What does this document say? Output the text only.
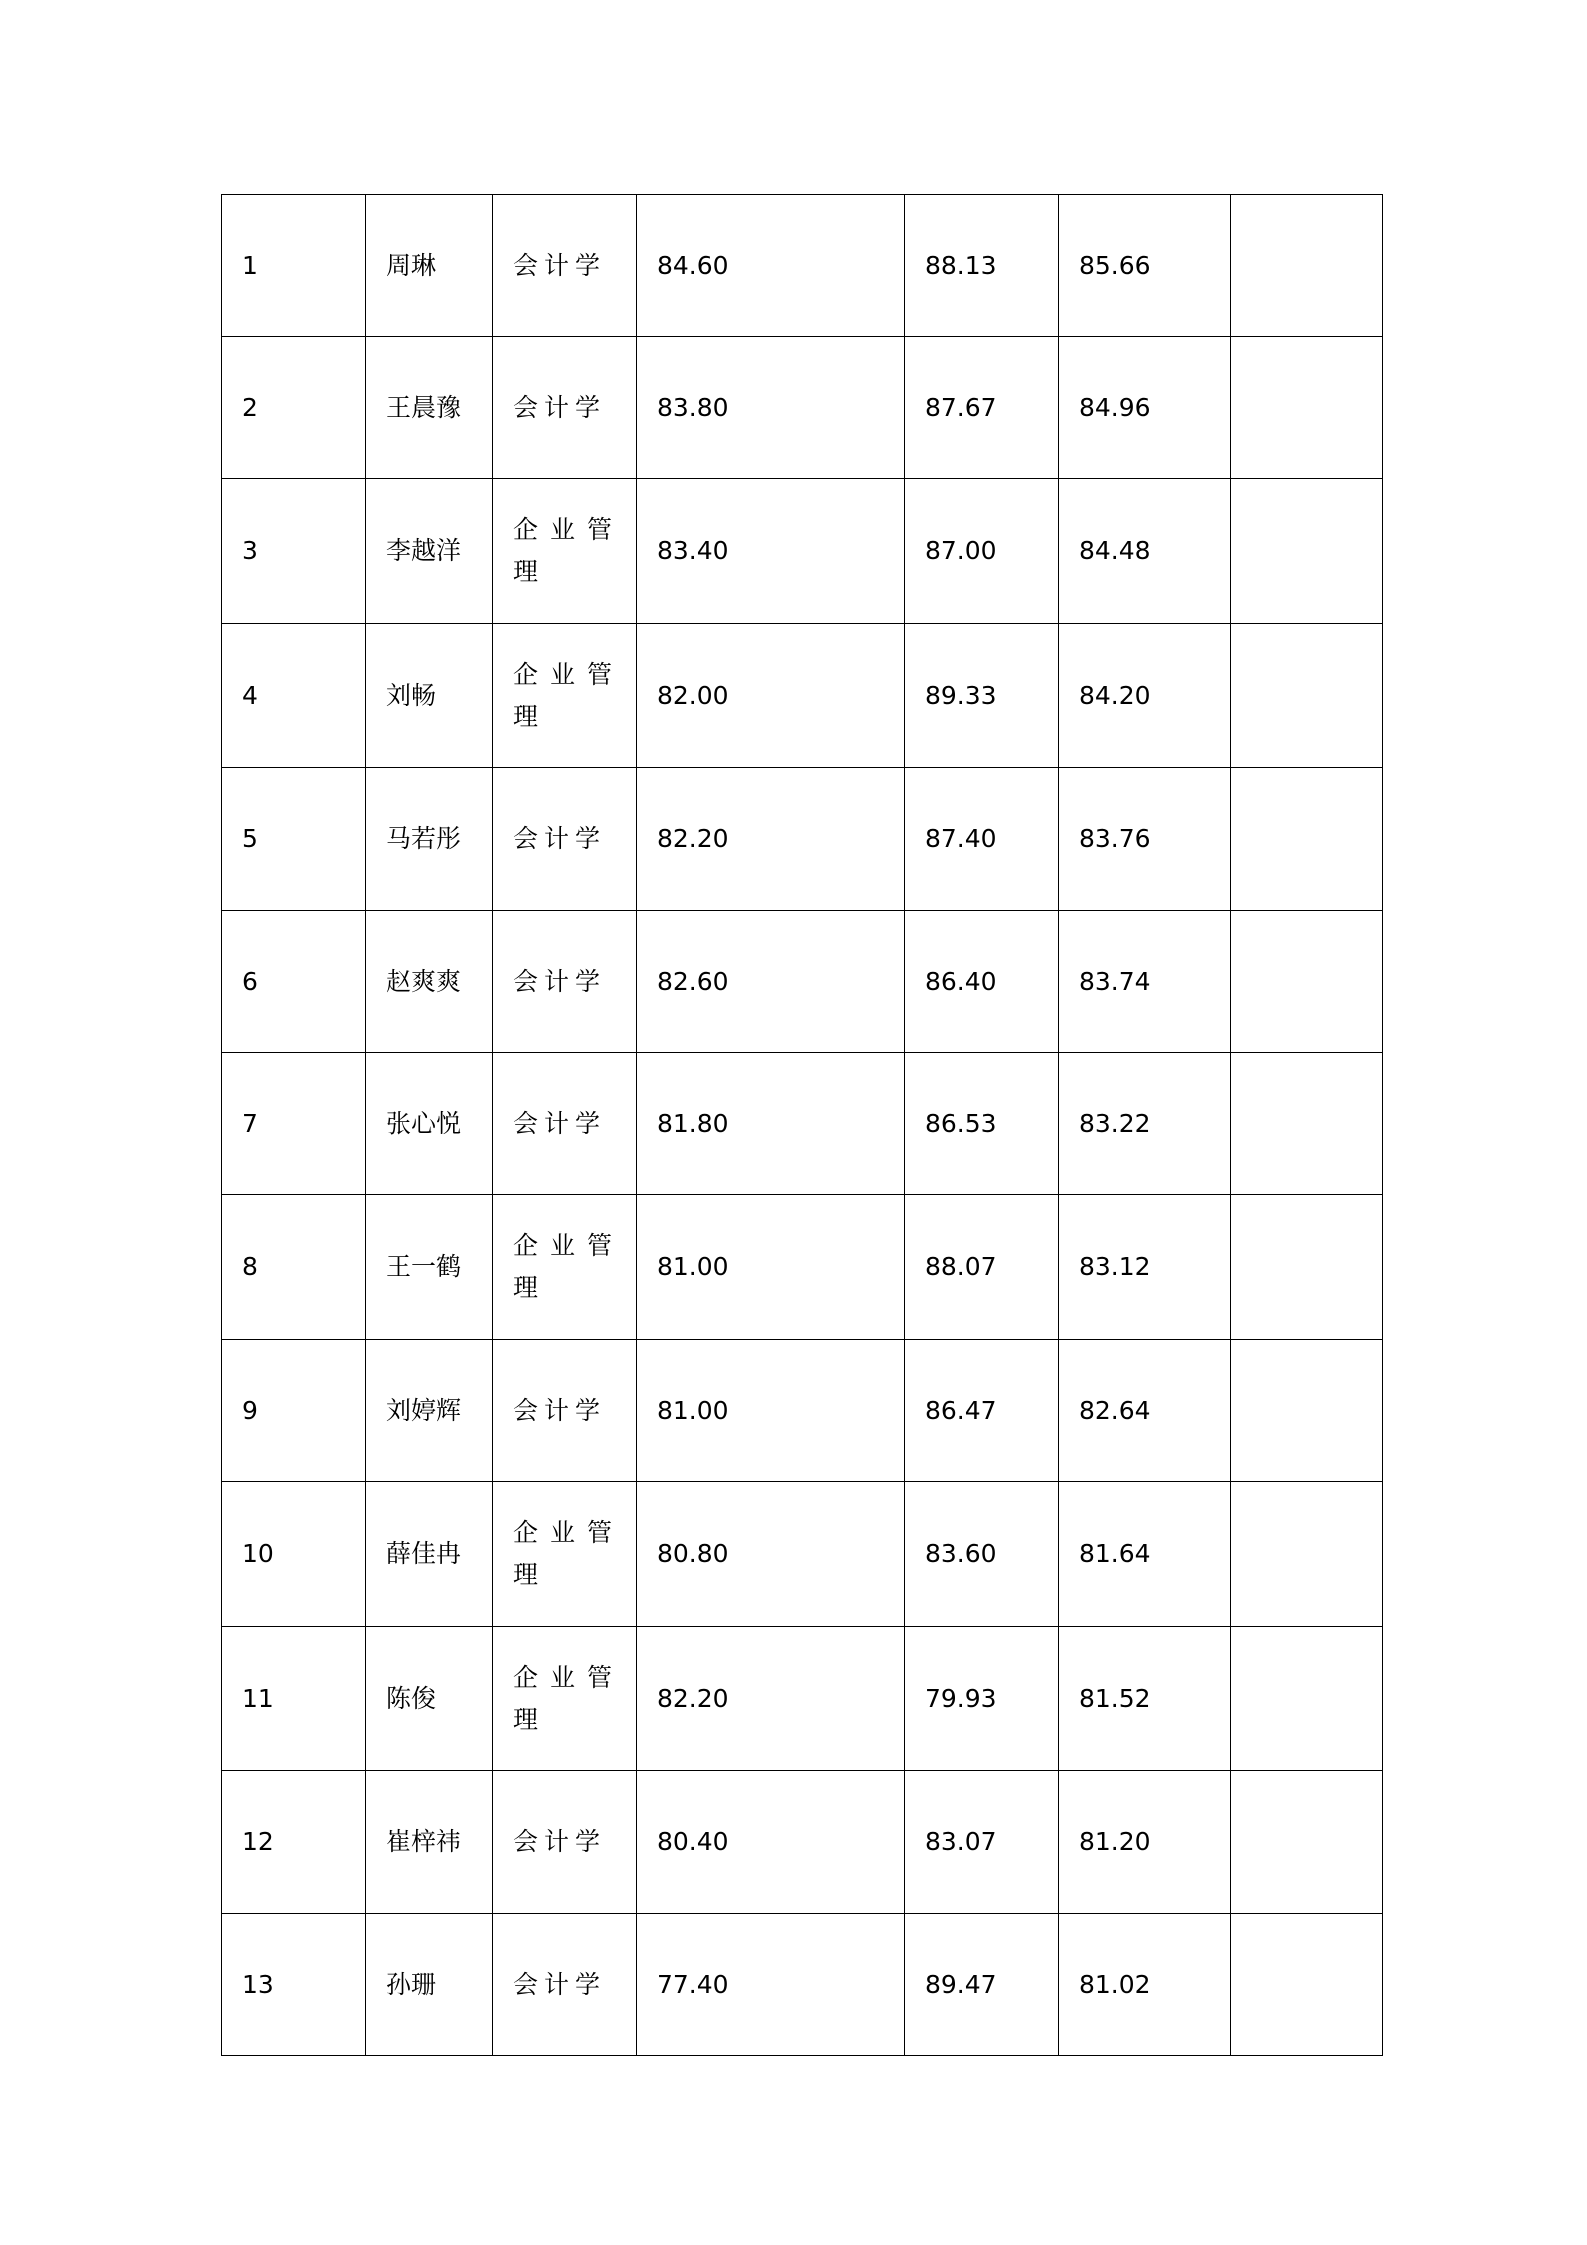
1	周琳	会计学	84.60	88.13	85.66	
2	王晨豫	会计学	83.80	87.67	84.96	
3	李越洋	企业管理	83.40	87.00	84.48	
4	刘畅	企业管理	82.00	89.33	84.20	
5	马若彤	会计学	82.20	87.40	83.76	
6	赵爽爽	会计学	82.60	86.40	83.74	
7	张心悦	会计学	81.80	86.53	83.22	
8	王一鹤	企业管理	81.00	88.07	83.12	
9	刘婷辉	会计学	81.00	86.47	82.64	
10	薛佳冉	企业管理	80.80	83.60	81.64	
11	陈俊	企业管理	82.20	79.93	81.52	
12	崔梓祎	会计学	80.40	83.07	81.20	
13	孙珊	会计学	77.40	89.47	81.02	
